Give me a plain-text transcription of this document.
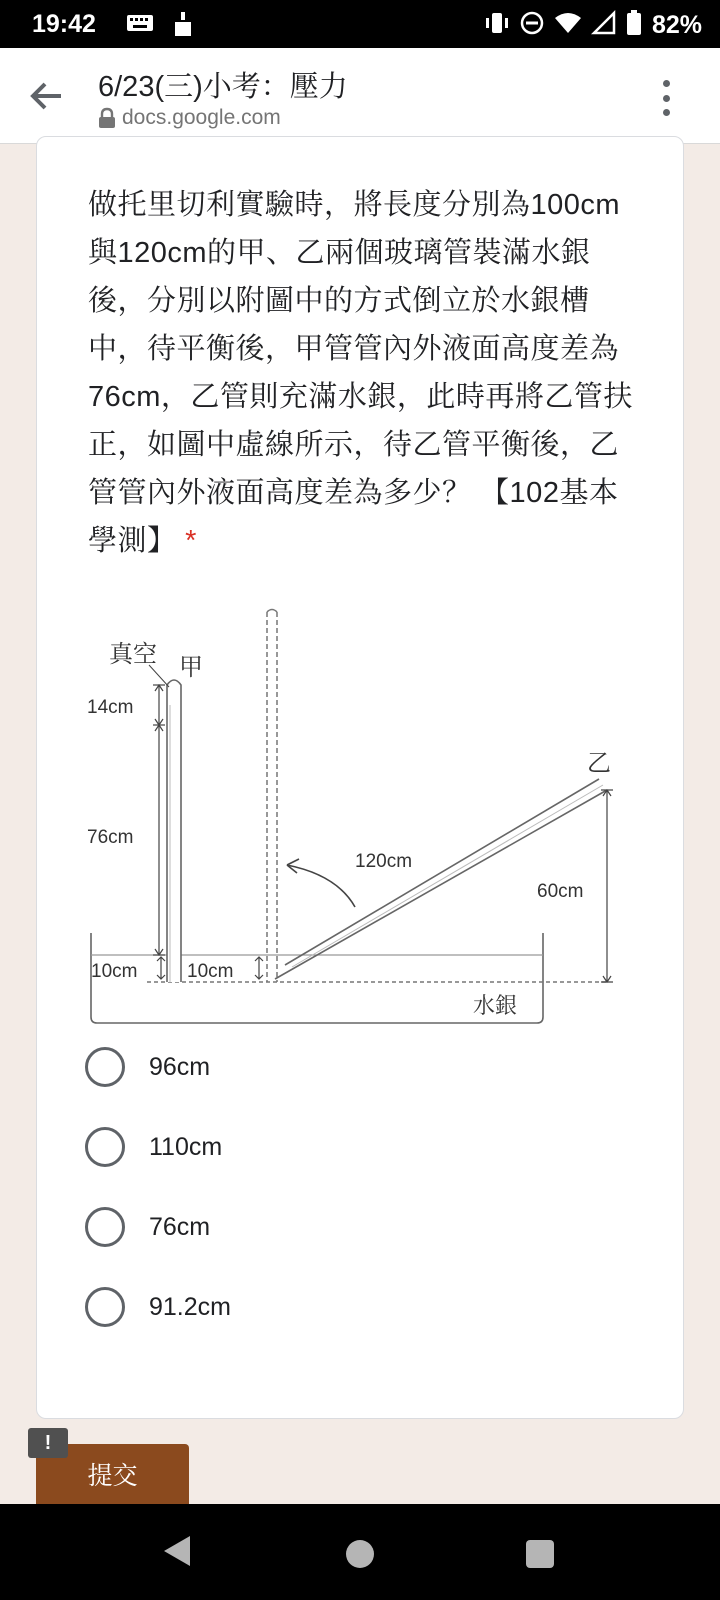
19:42	82%
6/23(三)小考：壓力
docs.google.com
做托里切利實驗時，將長度分別為100cm與120cm的甲、乙兩個玻璃管裝滿水銀後，分別以附圖中的方式倒立於水銀槽中，待平衡後，甲管管內外液面高度差為76cm，乙管則充滿水銀，此時再將乙管扶正，如圖中虛線所示，待乙管平衡後，乙管管內外液面高度差為多少？ 【102基本學測】 *
真空 甲
14cm
76cm
10cm	10cm
120cm
60cm
乙
水銀
96cm
110cm
76cm
91.2cm
提交
!
